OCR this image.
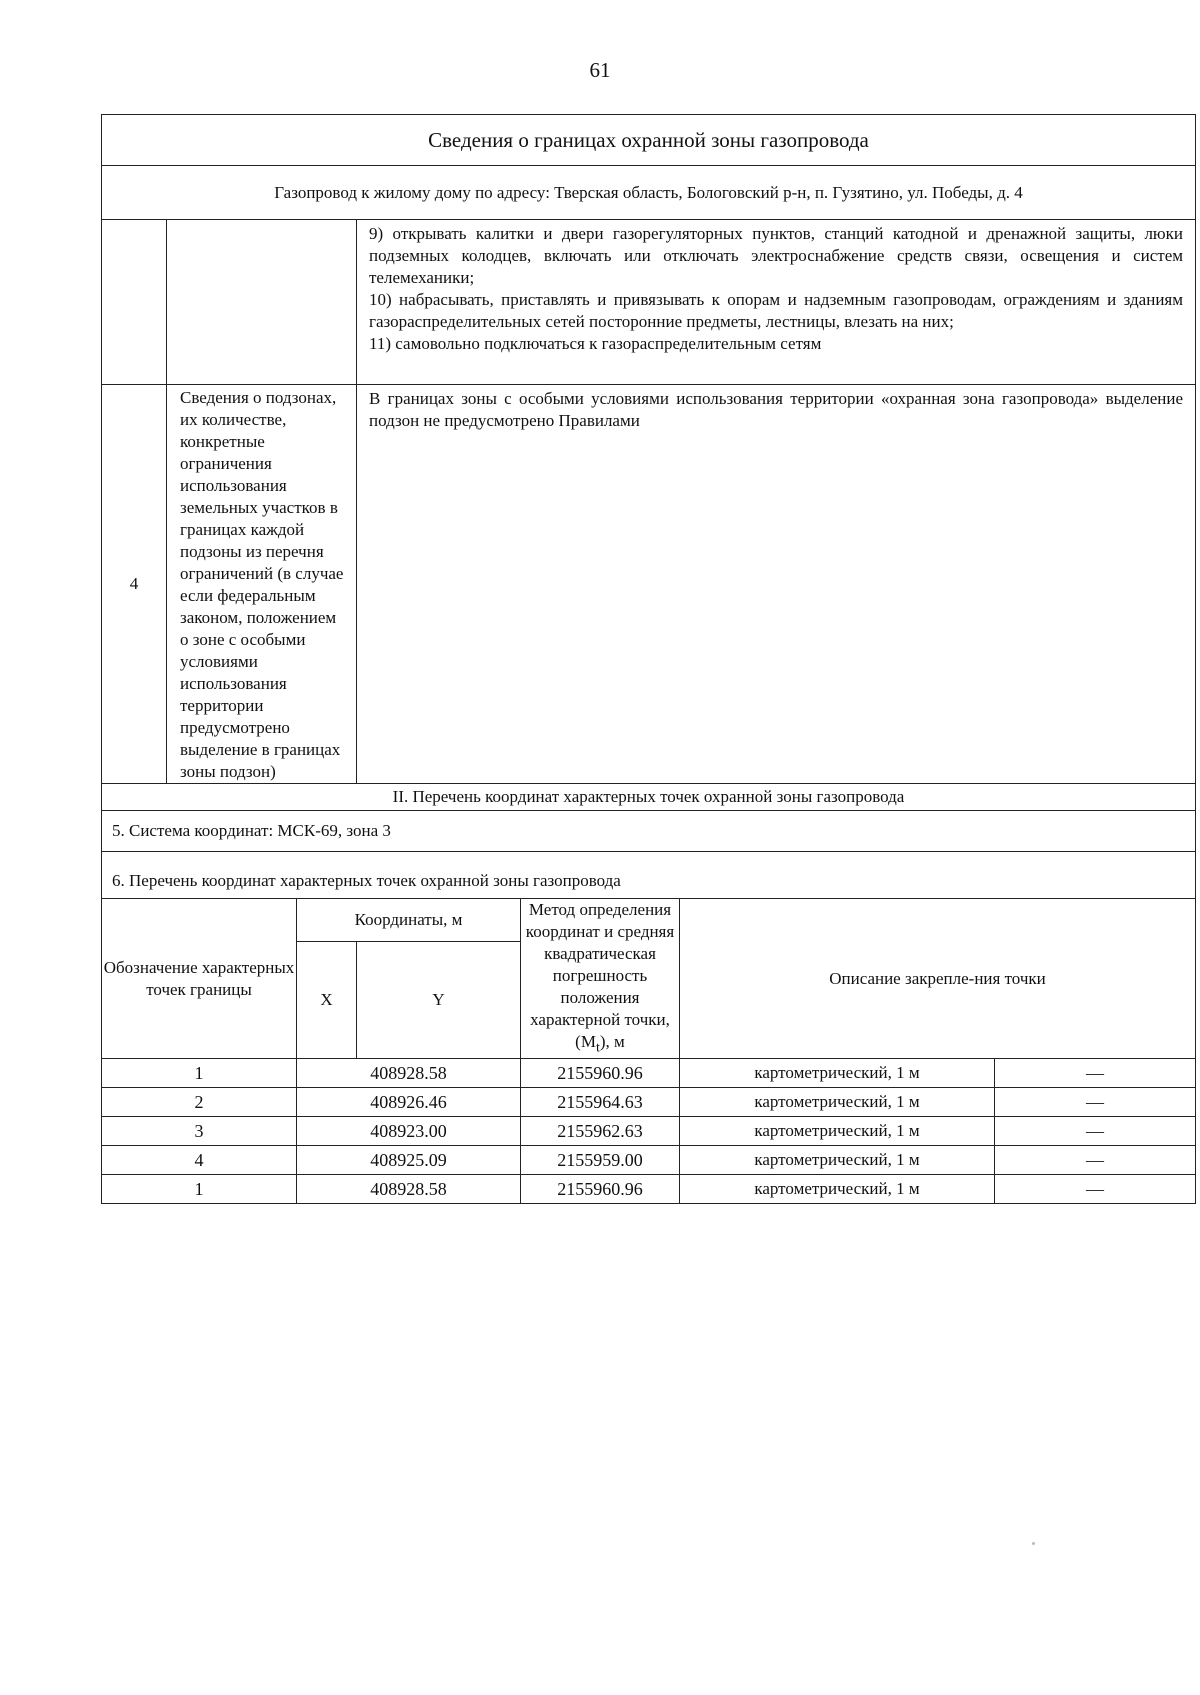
61
Сведения о границах охранной зоны газопровода						
Газопровод к жилому дому по адресу: Тверская область, Бологовский р-н, п. Гузятино, ул. Победы, д. 4						

			9) открывать калитки и двери газорегуляторных пунктов, станций катодной и дренажной защиты, люки подземных колодцев, включать или отключать электроснабжение средств связи, освещения и систем телемеханики;

10) набрасывать, приставлять и привязывать к опорам и надземным газопроводам, ограждениям и зданиям газораспределительных сетей посторонние предметы, лестницы, влезать на них;

11) самовольно подключаться к газораспределительным сетям			

4	Сведения о подзонах, их количестве, конкретные ограничения использования земельных участков в границах каждой подзоны из перечня ограничений (в случае если федеральным законом, положением о зоне с особыми условиями использования территории предусмотрено выделение в границах зоны подзон)		В границах зоны с особыми условиями использования территории «охранная зона газопровода» выделение подзон не предусмотрено Правилами			
II. Перечень координат характерных точек охранной зоны газопровода						
5. Система координат: МСК-69, зона 3						
6. Перечень координат характерных точек охранной зоны газопровода						
Обозначение характерных точек границы		Координаты, м		Метод определения координат и средняя квадратическая погрешность положения характерной точки, $(M_t)$, м	Описание закрепле-ния точки	
		X	Y			
1		408928.58		2155960.96	картометрический, 1 м	—
2		408926.46		2155964.63	картометрический, 1 м	—
3		408923.00		2155962.63	картометрический, 1 м	—
4		408925.09		2155959.00	картометрический, 1 м	—
1		408928.58		2155960.96	картометрический, 1 м	—
